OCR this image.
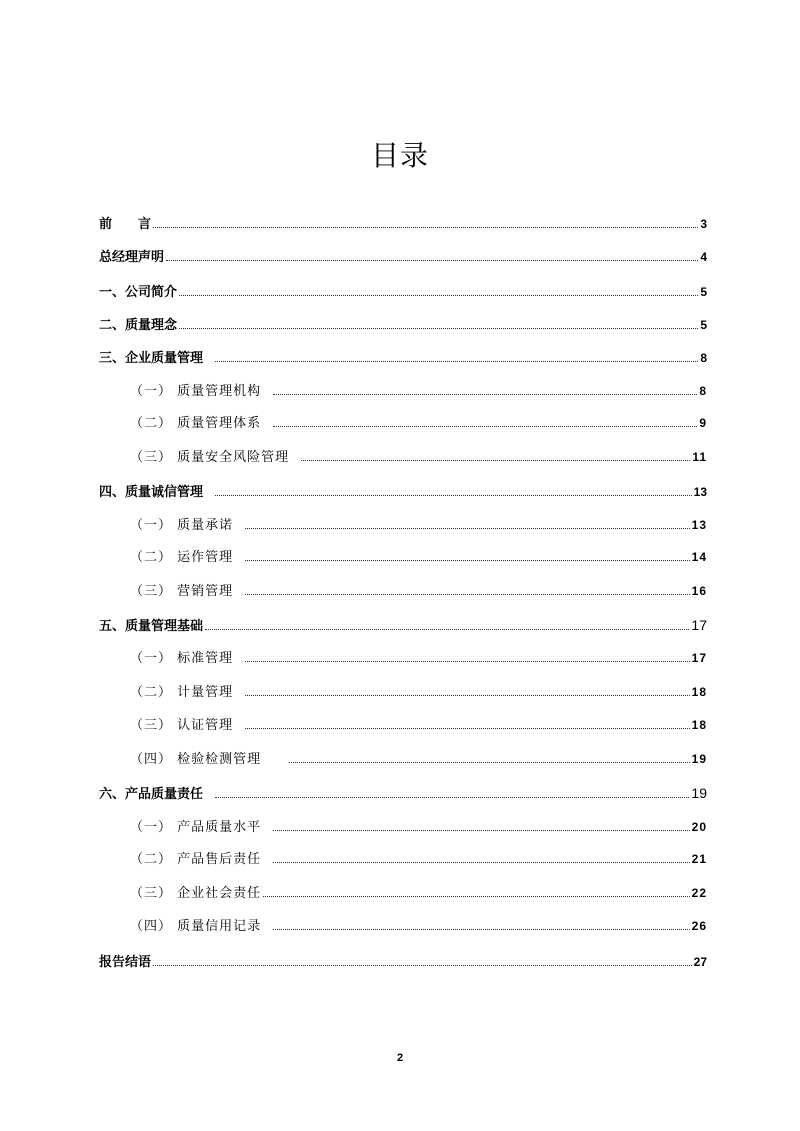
目录
前　　言	3
总经理声明	4
一、公司简介	5
二、质量理念	5
三、企业质量管理	8
（一） 质量管理机构	8
（二） 质量管理体系	9
（三） 质量安全风险管理	11
四、质量诚信管理	13
（一） 质量承诺	13
（二） 运作管理	14
（三） 营销管理	16
五、质量管理基础	17
（一） 标准管理	17
（二） 计量管理	18
（三） 认证管理	18
（四） 检验检测管理	19
六、产品质量责任	19
（一） 产品质量水平	20
（二） 产品售后责任	21
（三） 企业社会责任	22
（四） 质量信用记录	26
报告结语	27
2
